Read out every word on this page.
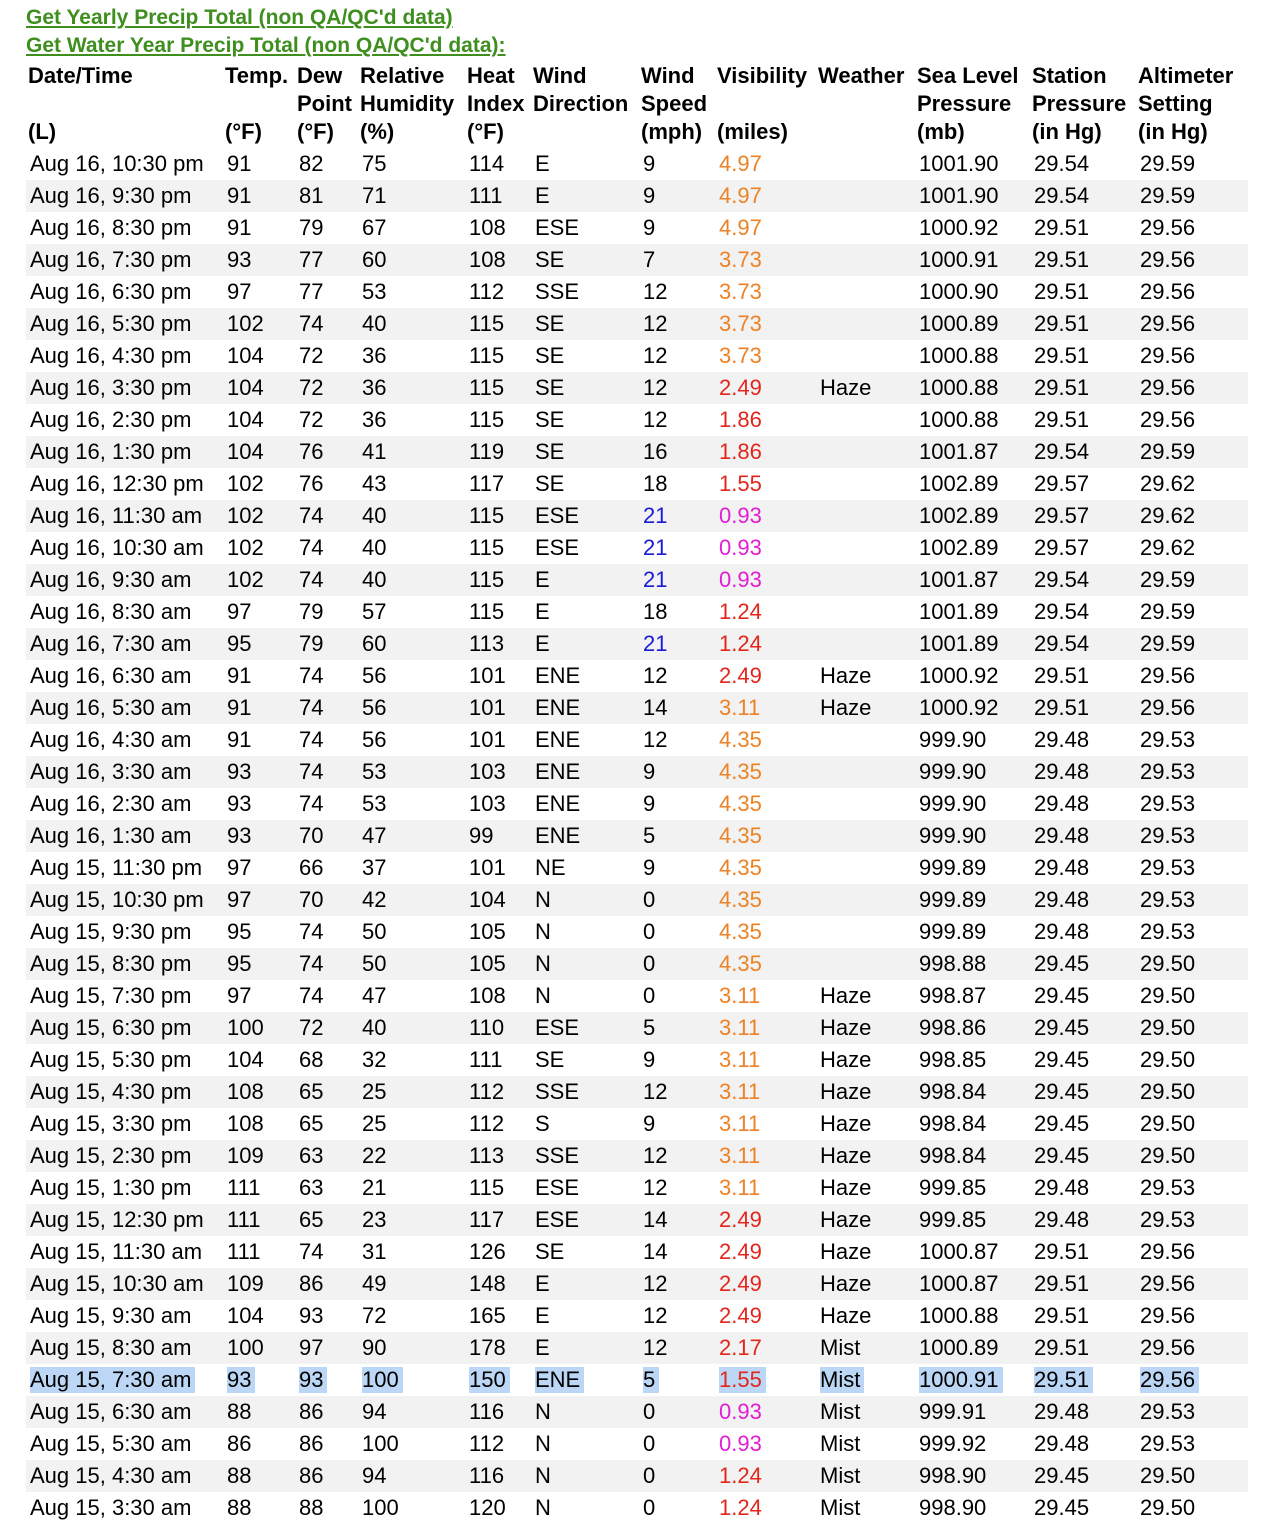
Get Yearly Precip Total (non QA/QC'd data)
Get Water Year Precip Total (non QA/QC'd data):
Date/Time	Temp.	Dew	Relative	Heat	Wind	Wind	Visibility	Weather	Sea Level	Station	Altimeter
		Point	Humidity	Index	Direction	Speed			Pressure	Pressure	Setting
(L)	(°F)	(°F)	(%)	(°F)		(mph)	(miles)		(mb)	(in Hg)	(in Hg)
Aug 16, 10:30 pm	91	82	75	114	E	9	4.97		1001.90	29.54	29.59
Aug 16, 9:30 pm	91	81	71	111	E	9	4.97		1001.90	29.54	29.59
Aug 16, 8:30 pm	91	79	67	108	ESE	9	4.97		1000.92	29.51	29.56
Aug 16, 7:30 pm	93	77	60	108	SE	7	3.73		1000.91	29.51	29.56
Aug 16, 6:30 pm	97	77	53	112	SSE	12	3.73		1000.90	29.51	29.56
Aug 16, 5:30 pm	102	74	40	115	SE	12	3.73		1000.89	29.51	29.56
Aug 16, 4:30 pm	104	72	36	115	SE	12	3.73		1000.88	29.51	29.56
Aug 16, 3:30 pm	104	72	36	115	SE	12	2.49	Haze	1000.88	29.51	29.56
Aug 16, 2:30 pm	104	72	36	115	SE	12	1.86		1000.88	29.51	29.56
Aug 16, 1:30 pm	104	76	41	119	SE	16	1.86		1001.87	29.54	29.59
Aug 16, 12:30 pm	102	76	43	117	SE	18	1.55		1002.89	29.57	29.62
Aug 16, 11:30 am	102	74	40	115	ESE	21	0.93		1002.89	29.57	29.62
Aug 16, 10:30 am	102	74	40	115	ESE	21	0.93		1002.89	29.57	29.62
Aug 16, 9:30 am	102	74	40	115	E	21	0.93		1001.87	29.54	29.59
Aug 16, 8:30 am	97	79	57	115	E	18	1.24		1001.89	29.54	29.59
Aug 16, 7:30 am	95	79	60	113	E	21	1.24		1001.89	29.54	29.59
Aug 16, 6:30 am	91	74	56	101	ENE	12	2.49	Haze	1000.92	29.51	29.56
Aug 16, 5:30 am	91	74	56	101	ENE	14	3.11	Haze	1000.92	29.51	29.56
Aug 16, 4:30 am	91	74	56	101	ENE	12	4.35		999.90	29.48	29.53
Aug 16, 3:30 am	93	74	53	103	ENE	9	4.35		999.90	29.48	29.53
Aug 16, 2:30 am	93	74	53	103	ENE	9	4.35		999.90	29.48	29.53
Aug 16, 1:30 am	93	70	47	99	ENE	5	4.35		999.90	29.48	29.53
Aug 15, 11:30 pm	97	66	37	101	NE	9	4.35		999.89	29.48	29.53
Aug 15, 10:30 pm	97	70	42	104	N	0	4.35		999.89	29.48	29.53
Aug 15, 9:30 pm	95	74	50	105	N	0	4.35		999.89	29.48	29.53
Aug 15, 8:30 pm	95	74	50	105	N	0	4.35		998.88	29.45	29.50
Aug 15, 7:30 pm	97	74	47	108	N	0	3.11	Haze	998.87	29.45	29.50
Aug 15, 6:30 pm	100	72	40	110	ESE	5	3.11	Haze	998.86	29.45	29.50
Aug 15, 5:30 pm	104	68	32	111	SE	9	3.11	Haze	998.85	29.45	29.50
Aug 15, 4:30 pm	108	65	25	112	SSE	12	3.11	Haze	998.84	29.45	29.50
Aug 15, 3:30 pm	108	65	25	112	S	9	3.11	Haze	998.84	29.45	29.50
Aug 15, 2:30 pm	109	63	22	113	SSE	12	3.11	Haze	998.84	29.45	29.50
Aug 15, 1:30 pm	111	63	21	115	ESE	12	3.11	Haze	999.85	29.48	29.53
Aug 15, 12:30 pm	111	65	23	117	ESE	14	2.49	Haze	999.85	29.48	29.53
Aug 15, 11:30 am	111	74	31	126	SE	14	2.49	Haze	1000.87	29.51	29.56
Aug 15, 10:30 am	109	86	49	148	E	12	2.49	Haze	1000.87	29.51	29.56
Aug 15, 9:30 am	104	93	72	165	E	12	2.49	Haze	1000.88	29.51	29.56
Aug 15, 8:30 am	100	97	90	178	E	12	2.17	Mist	1000.89	29.51	29.56
Aug 15, 7:30 am	93	93	100	150	ENE	5	1.55	Mist	1000.91	29.51	29.56
Aug 15, 6:30 am	88	86	94	116	N	0	0.93	Mist	999.91	29.48	29.53
Aug 15, 5:30 am	86	86	100	112	N	0	0.93	Mist	999.92	29.48	29.53
Aug 15, 4:30 am	88	86	94	116	N	0	1.24	Mist	998.90	29.45	29.50
Aug 15, 3:30 am	88	88	100	120	N	0	1.24	Mist	998.90	29.45	29.50
